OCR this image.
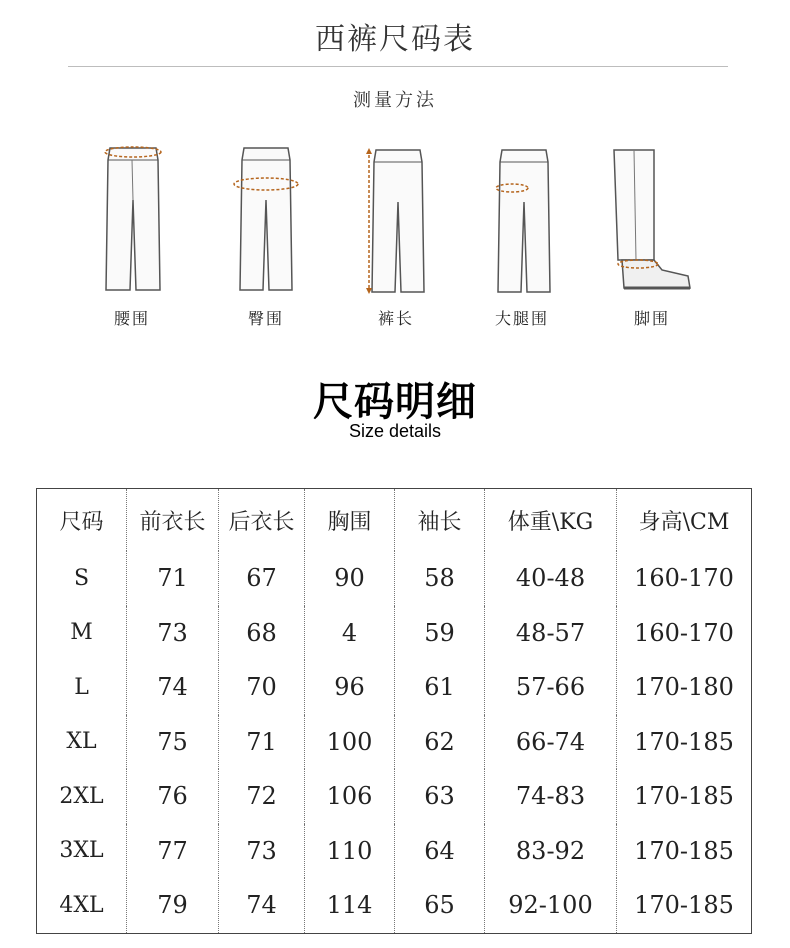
西裤尺码表
测量方法
腰围	臀围	裤长	大腿围	脚围
尺码明细
Size details
尺码	前衣长	后衣长	胸围	袖长	体重\KG	身高\CM
S	71	67	90	58	40-48	160-170
M	73	68	4	59	48-57	160-170
L	74	70	96	61	57-66	170-180
XL	75	71	100	62	66-74	170-185
2XL	76	72	106	63	74-83	170-185
3XL	77	73	110	64	83-92	170-185
4XL	79	74	114	65	92-100	170-185
